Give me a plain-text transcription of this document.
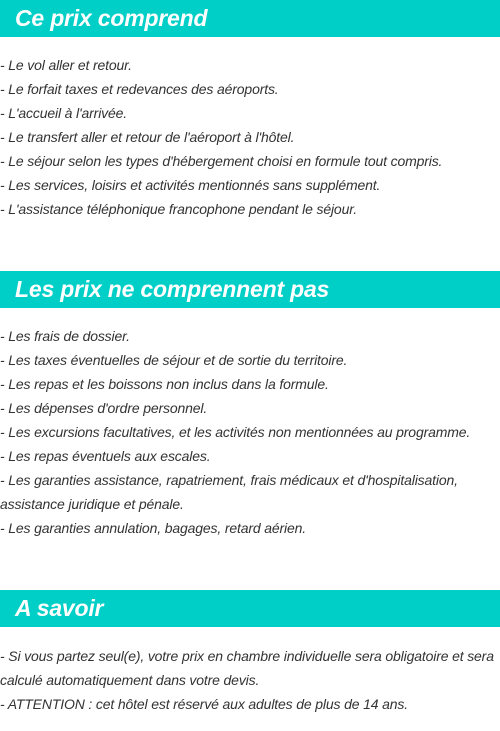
Ce prix comprend
- Le vol aller et retour.
- Le forfait taxes et redevances des aéroports.
- L'accueil à l'arrivée.
- Le transfert aller et retour de l'aéroport à l'hôtel.
- Le séjour selon les types d'hébergement choisi en formule tout compris.
- Les services, loisirs et activités mentionnés sans supplément.
- L'assistance téléphonique francophone pendant le séjour.
Les prix ne comprennent pas
- Les frais de dossier.
- Les taxes éventuelles de séjour et de sortie du territoire.
- Les repas et les boissons non inclus dans la formule.
- Les dépenses d'ordre personnel.
- Les excursions facultatives, et les activités non mentionnées au programme.
- Les repas éventuels aux escales.
- Les garanties assistance, rapatriement, frais médicaux et d'hospitalisation, assistance juridique et pénale.
- Les garanties annulation, bagages, retard aérien.
A savoir
- Si vous partez seul(e), votre prix en chambre individuelle sera obligatoire et sera calculé automatiquement dans votre devis.
- ATTENTION : cet hôtel est réservé aux adultes de plus de 14 ans.
